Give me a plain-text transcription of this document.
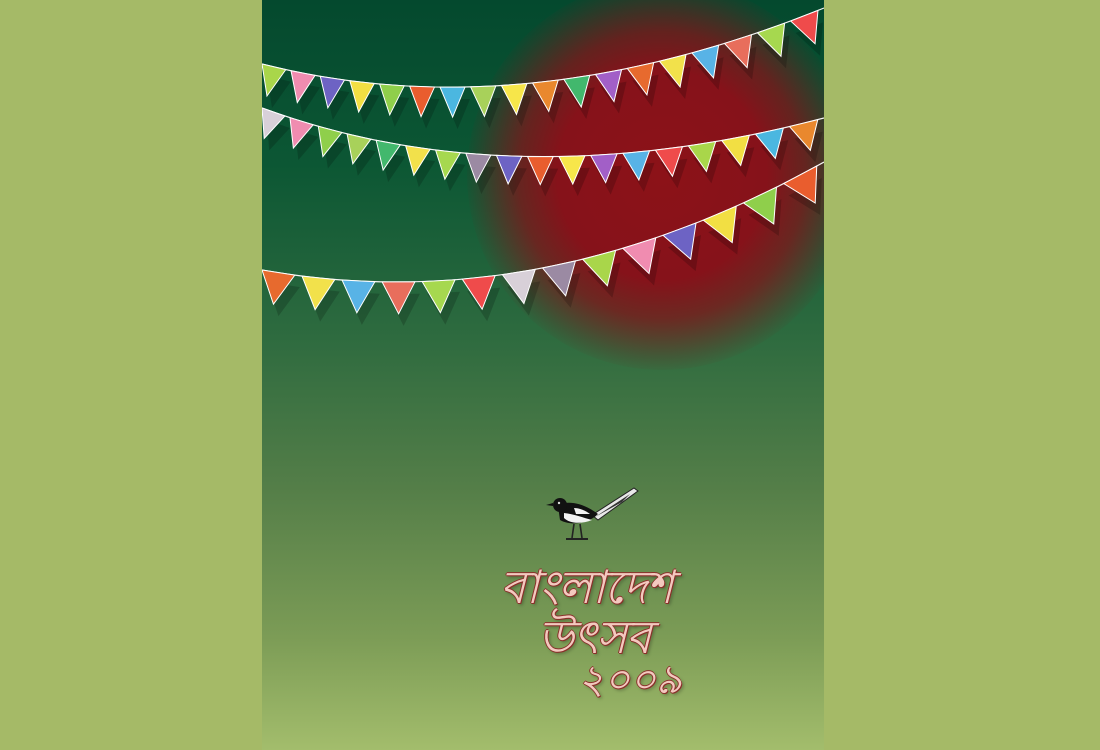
বাংলাদেশ
উৎসব
২০০৯
